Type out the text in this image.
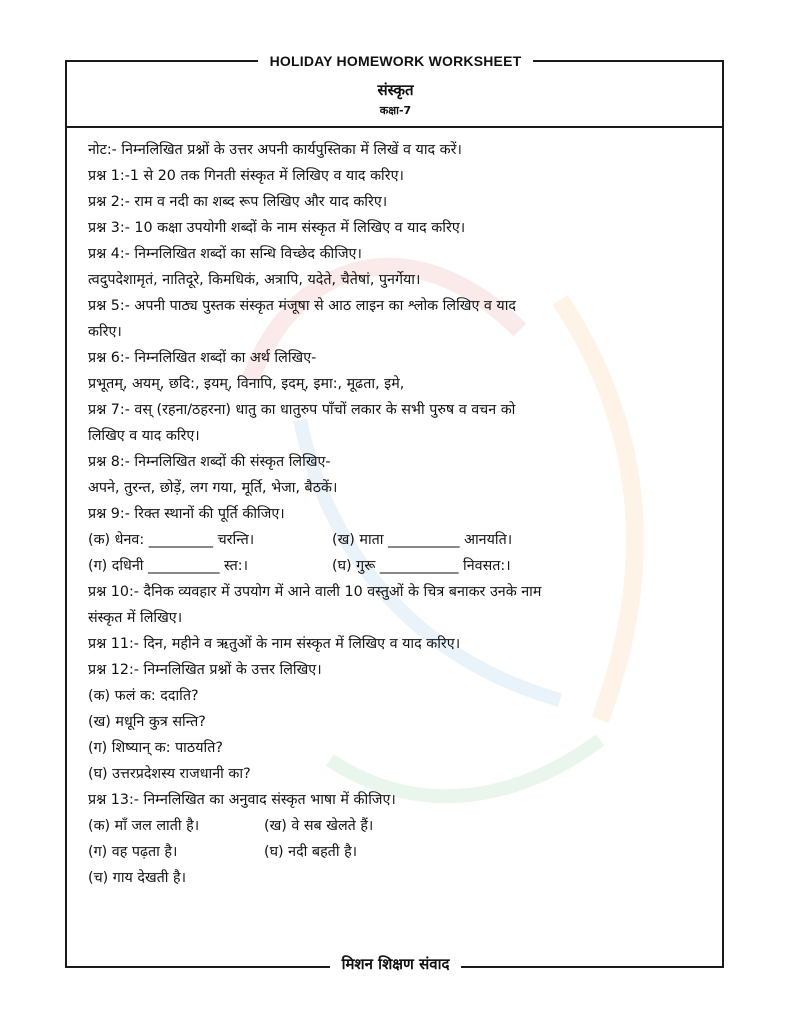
HOLIDAY HOMEWORK WORKSHEET
संस्कृत
कक्षा-7
नोट:- निम्नलिखित प्रश्नों के उत्तर अपनी कार्यपुस्तिका में लिखें व याद करें।
प्रश्न 1:-1 से 20 तक गिनती संस्कृत में लिखिए व याद करिए।
प्रश्न 2:- राम व नदी का शब्द रूप लिखिए और याद करिए।
प्रश्न 3:- 10 कक्षा उपयोगी शब्दों के नाम संस्कृत में लिखिए व याद करिए।
प्रश्न 4:- निम्नलिखित शब्दों का सन्धि विच्छेद कीजिए।
त्वदुपदेशामृतं, नातिदूरे, किमधिकं, अत्रापि, यदेते, चैतेषां, पुनर्गेया।
प्रश्न 5:- अपनी पाठ्य पुस्तक संस्कृत मंजूषा से आठ लाइन का श्लोक लिखिए व याद
करिए।
प्रश्न 6:- निम्नलिखित शब्दों का अर्थ लिखिए-
प्रभूतम्, अयम्, छदि:, इयम्, विनापि, इदम्, इमा:, मूढता, इमे,
प्रश्न 7:- वस् (रहना/ठहरना) धातु का धातुरुप पाँचों लकार के सभी पुरुष व वचन को
लिखिए व याद करिए।
प्रश्न 8:- निम्नलिखित शब्दों की संस्कृत लिखिए-
अपने, तुरन्त, छोड़ें, लग गया, मूर्ति, भेजा, बैठकें।
प्रश्न 9:- रिक्त स्थानों की पूर्ति कीजिए।
(क) धेनव: _________ चरन्ति।	(ख) माता __________ आनयति।
(ग) दधिनी __________ स्त:।	(घ) गुरू ___________ निवसत:।
प्रश्न 10:- दैनिक व्यवहार में उपयोग में आने वाली 10 वस्तुओं के चित्र बनाकर उनके नाम
संस्कृत में लिखिए।
प्रश्न 11:- दिन, महीने व ऋतुओं के नाम संस्कृत में लिखिए व याद करिए।
प्रश्न 12:- निम्नलिखित प्रश्नों के उत्तर लिखिए।
(क) फलं क: ददाति?
(ख) मधूनि कुत्र सन्ति?
(ग) शिष्यान् क: पाठयति?
(घ) उत्तरप्रदेशस्य राजधानी का?
प्रश्न 13:- निम्नलिखित का अनुवाद संस्कृत भाषा में कीजिए।
(क) माँ जल लाती है।	(ख) वे सब खेलते हैं।
(ग) वह पढ़ता है।	(घ) नदी बहती है।
(च) गाय देखती है।
मिशन शिक्षण संवाद
